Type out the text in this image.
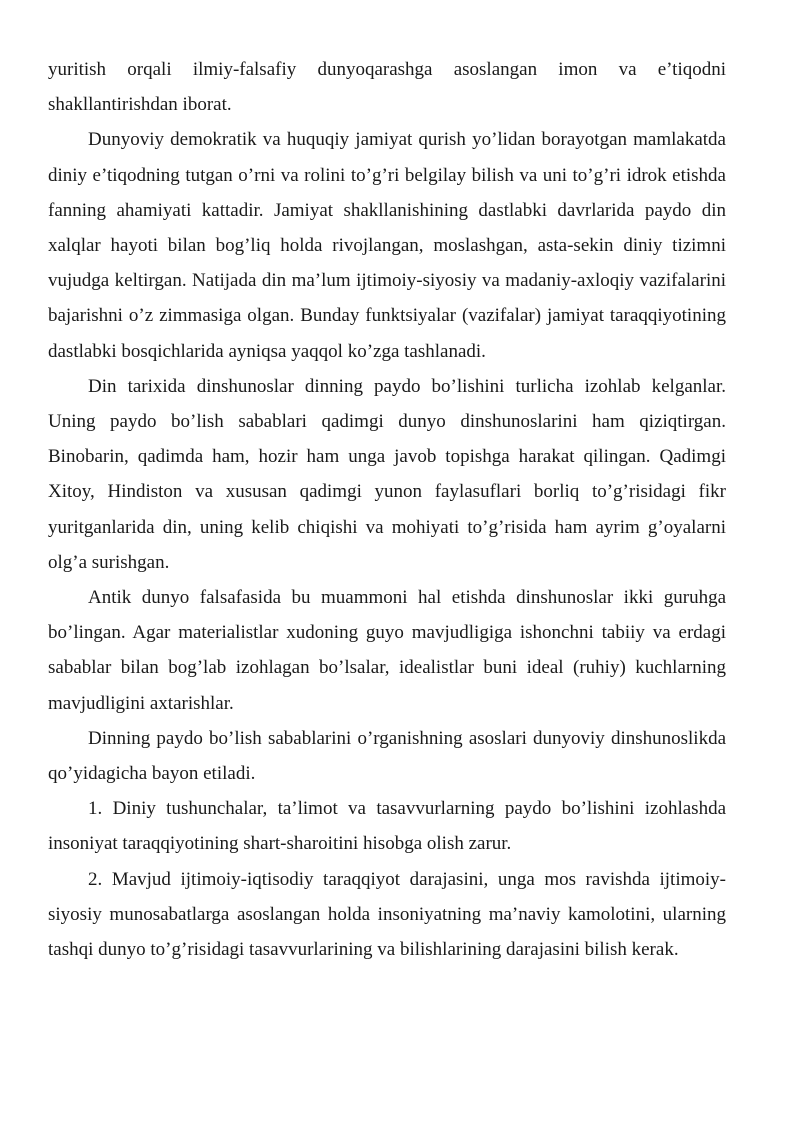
yuritish orqali ilmiy-falsafiy dunyoqarashga asoslangan imon va e’tiqodni shakllantirishdan iborat.

Dunyoviy demokratik va huquqiy jamiyat qurish yo’lidan borayotgan mamlakatda diniy e’tiqodning tutgan o’rni va rolini to’g’ri belgilay bilish va uni to’g’ri idrok etishda fanning ahamiyati kattadir. Jamiyat shakllanishining dastlabki davrlarida paydo din xalqlar hayoti bilan bog’liq holda rivojlangan, moslashgan, asta-sekin diniy tizimni vujudga keltirgan. Natijada din ma’lum ijtimoiy-siyosiy va madaniy-axloqiy vazifalarini bajarishni o’z zimmasiga olgan. Bunday funktsiyalar (vazifalar) jamiyat taraqqiyotining dastlabki bosqichlarida ayniqsa yaqqol ko’zga tashlanadi.

Din tarixida dinshunoslar dinning paydo bo’lishini turlicha izohlab kelganlar. Uning paydo bo’lish sabablari qadimgi dunyo dinshunoslarini ham qiziqtirgan. Binobarin, qadimda ham, hozir ham unga javob topishga harakat qilingan. Qadimgi Xitoy, Hindiston va xususan qadimgi yunon faylasuflari borliq to’g’risidagi fikr yuritganlarida din, uning kelib chiqishi va mohiyati to’g’risida ham ayrim g’oyalarni olg’a surishgan.

Antik dunyo falsafasida bu muammoni hal etishda dinshunoslar ikki guruhga bo’lingan. Agar materialistlar xudoning guyo mavjudligiga ishonchni tabiiy va erdagi sabablar bilan bog’lab izohlagan bo’lsalar, idealistlar buni ideal (ruhiy) kuchlarning mavjudligini axtarishlar.

Dinning paydo bo’lish sabablarini o’rganishning asoslari dunyoviy dinshunoslikda qo’yidagicha bayon etiladi.

1. Diniy tushunchalar, ta’limot va tasavvurlarning paydo bo’lishini izohlashda insoniyat taraqqiyotining shart-sharoitini hisobga olish zarur.

2. Mavjud ijtimoiy-iqtisodiy taraqqiyot darajasini, unga mos ravishda ijtimoiy-siyosiy munosabatlarga asoslangan holda insoniyatning ma’naviy kamolotini, ularning tashqi dunyo to’g’risidagi tasavvurlarining va bilishlarining darajasini bilish kerak.
